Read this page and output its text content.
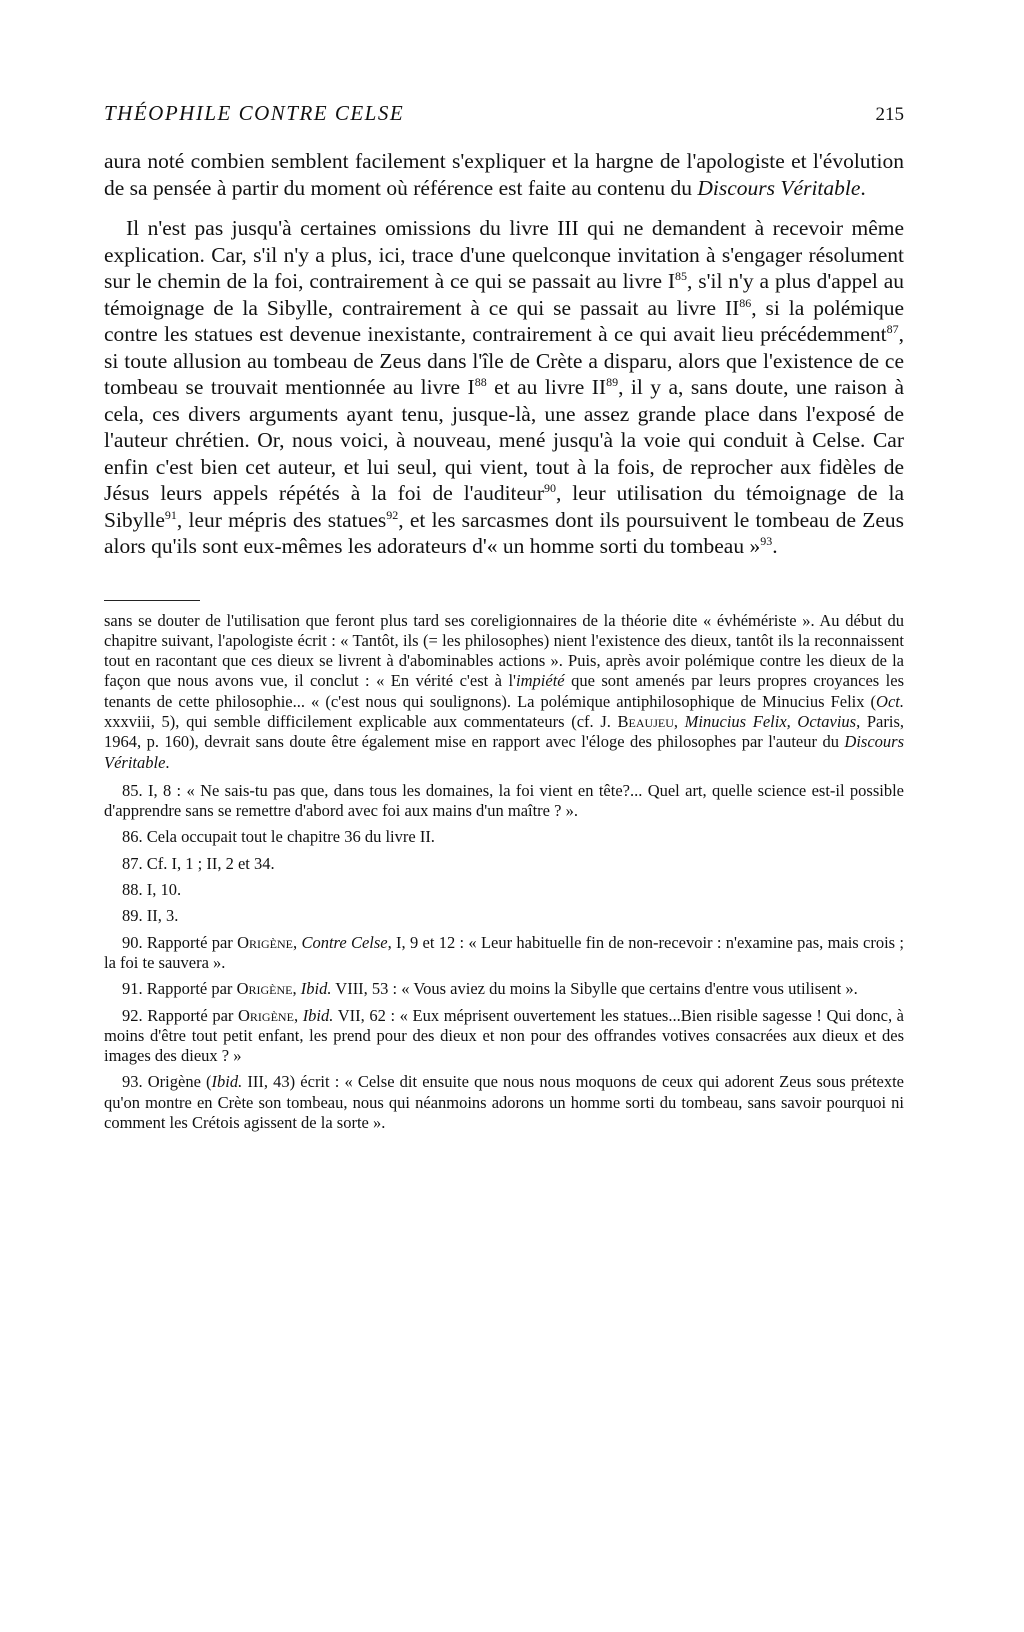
THÉOPHILE CONTRE CELSE	215

aura noté combien semblent facilement s'expliquer et la hargne de l'apologiste et l'évolution de sa pensée à partir du moment où référence est faite au contenu du Discours Véritable.

Il n'est pas jusqu'à certaines omissions du livre III qui ne demandent à recevoir même explication. Car, s'il n'y a plus, ici, trace d'une quelconque invitation à s'engager résolument sur le chemin de la foi, contrairement à ce qui se passait au livre $I^{85}$, s'il n'y a plus d'appel au témoignage de la Sibylle, contrairement à ce qui se passait au livre II$^{86}$, si la polémique contre les statues est devenue inexistante, contrairement à ce qui avait lieu précédemment$^{87}$, si toute allusion au tombeau de Zeus dans l'île de Crète a disparu, alors que l'existence de ce tombeau se trouvait mentionnée au livre $I^{88}$ et au livre II$^{89}$, il y a, sans doute, une raison à cela, ces divers arguments ayant tenu, jusque-là, une assez grande place dans l'exposé de l'auteur chrétien. Or, nous voici, à nouveau, mené jusqu'à la voie qui conduit à Celse. Car enfin c'est bien cet auteur, et lui seul, qui vient, tout à la fois, de reprocher aux fidèles de Jésus leurs appels répétés à la foi de l'auditeur$^{90}$, leur utilisation du témoignage de la Sibylle$^{91}$, leur mépris des statues$^{92}$, et les sarcasmes dont ils poursuivent le tombeau de Zeus alors qu'ils sont eux-mêmes les adorateurs d'« un homme sorti du tombeau »$^{93}$.

sans se douter de l'utilisation que feront plus tard ses coreligionnaires de la théorie dite « évhémériste ». Au début du chapitre suivant, l'apologiste écrit : « Tantôt, ils (= les philosophes) nient l'existence des dieux, tantôt ils la reconnaissent tout en racontant que ces dieux se livrent à d'abominables actions ». Puis, après avoir polémique contre les dieux de la façon que nous avons vue, il conclut : « En vérité c'est à l'impiété que sont amenés par leurs propres croyances les tenants de cette philosophie... « (c'est nous qui soulignons). La polémique antiphilosophique de Minucius Felix (Oct. xxxviii, 5), qui semble difficilement explicable aux commentateurs (cf. J. Beaujeu, Minucius Felix, Octavius, Paris, 1964, p. 160), devrait sans doute être également mise en rapport avec l'éloge des philosophes par l'auteur du Discours Véritable.

85. I, 8 : « Ne sais-tu pas que, dans tous les domaines, la foi vient en tête?... Quel art, quelle science est-il possible d'apprendre sans se remettre d'abord avec foi aux mains d'un maître ? ».

86. Cela occupait tout le chapitre 36 du livre II.

87. Cf. I, 1 ; II, 2 et 34.

88. I, 10.

89. II, 3.

90. Rapporté par Origène, Contre Celse, I, 9 et 12 : « Leur habituelle fin de non-recevoir : n'examine pas, mais crois ; la foi te sauvera ».

91. Rapporté par Origène, Ibid. VIII, 53 : « Vous aviez du moins la Sibylle que certains d'entre vous utilisent ».

92. Rapporté par Origène, Ibid. VII, 62 : « Eux méprisent ouvertement les statues...Bien risible sagesse ! Qui donc, à moins d'être tout petit enfant, les prend pour des dieux et non pour des offrandes votives consacrées aux dieux et des images des dieux ? »

93. Origène (Ibid. III, 43) écrit : « Celse dit ensuite que nous nous moquons de ceux qui adorent Zeus sous prétexte qu'on montre en Crète son tombeau, nous qui néanmoins adorons un homme sorti du tombeau, sans savoir pourquoi ni comment les Crétois agissent de la sorte ».
